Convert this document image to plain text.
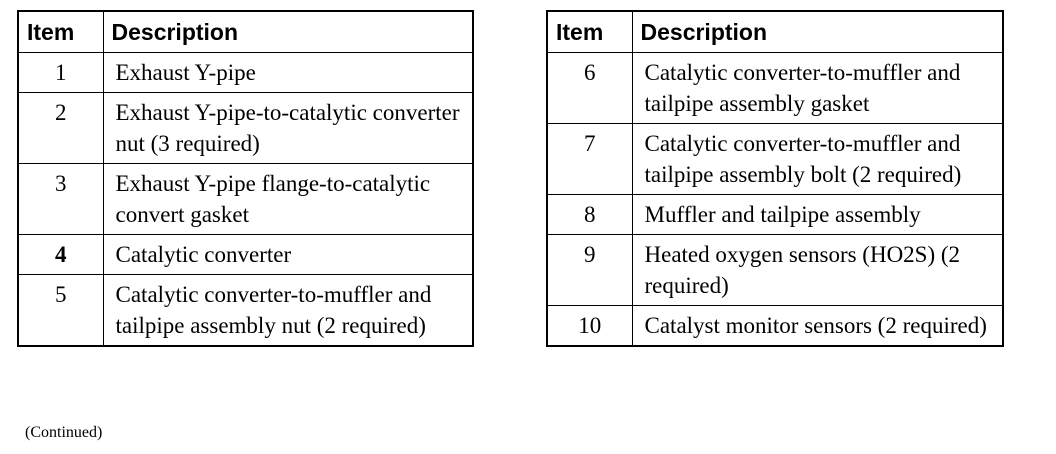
Item	Description
1	Exhaust Y-pipe
2	Exhaust Y-pipe-to-catalytic converter nut (3 required)
3	Exhaust Y-pipe flange-to-catalytic convert gasket
4	Catalytic converter
5	Catalytic converter-to-muffler and tailpipe assembly nut (2 required)
Item	Description
6	Catalytic converter-to-muffler and tailpipe assembly gasket
7	Catalytic converter-to-muffler and tailpipe assembly bolt (2 required)
8	Muffler and tailpipe assembly
9	Heated oxygen sensors (HO2S) (2 required)
10	Catalyst monitor sensors (2 required)
(Continued)
